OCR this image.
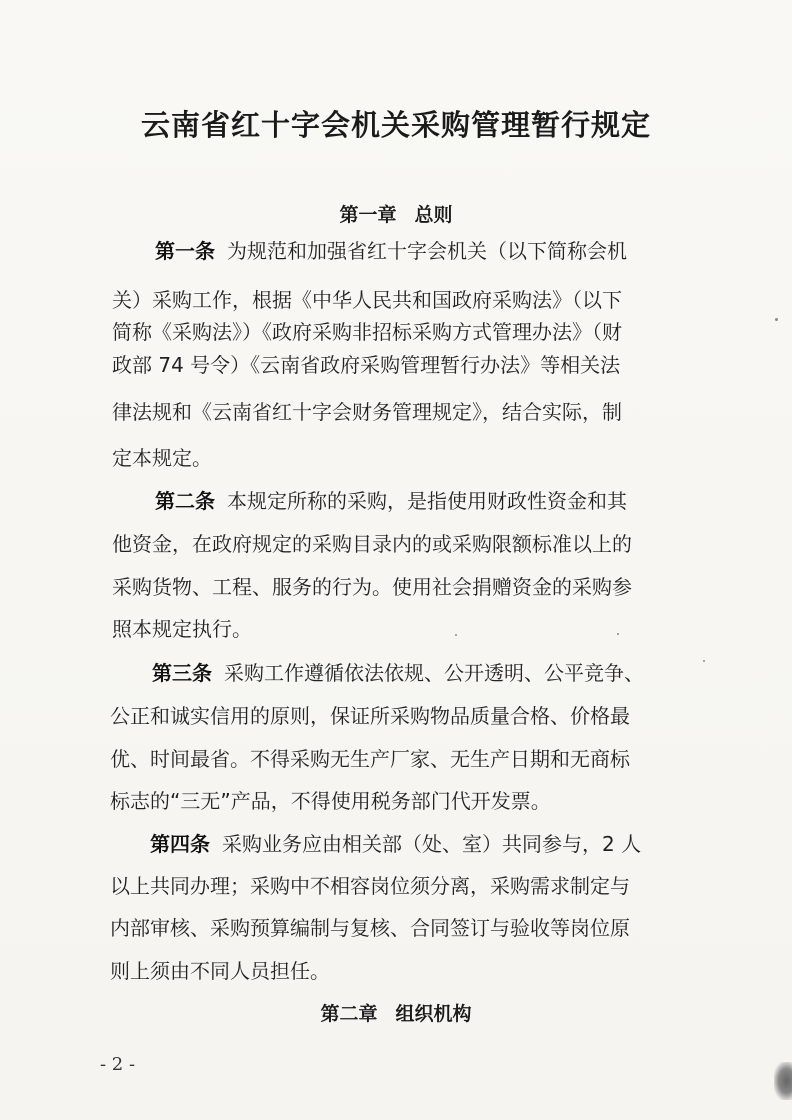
云南省红十字会机关采购管理暂行规定
第一章 总则
第一条 为规范和加强省红十字会机关（以下简称会机
关）采购工作，根据《中华人民共和国政府采购法》（以下
简称《采购法》）《政府采购非招标采购方式管理办法》（财
政部 74 号令）《云南省政府采购管理暂行办法》等相关法
律法规和《云南省红十字会财务管理规定》，结合实际，制
定本规定。
第二条 本规定所称的采购，是指使用财政性资金和其
他资金，在政府规定的采购目录内的或采购限额标准以上的
采购货物、工程、服务的行为。使用社会捐赠资金的采购参
照本规定执行。
第三条 采购工作遵循依法依规、公开透明、公平竞争、
公正和诚实信用的原则，保证所采购物品质量合格、价格最
优、时间最省。不得采购无生产厂家、无生产日期和无商标
标志的“三无”产品，不得使用税务部门代开发票。
第四条 采购业务应由相关部（处、室）共同参与，2 人
以上共同办理；采购中不相容岗位须分离，采购需求制定与
内部审核、采购预算编制与复核、合同签订与验收等岗位原
则上须由不同人员担任。
第二章 组织机构
- 2 -
